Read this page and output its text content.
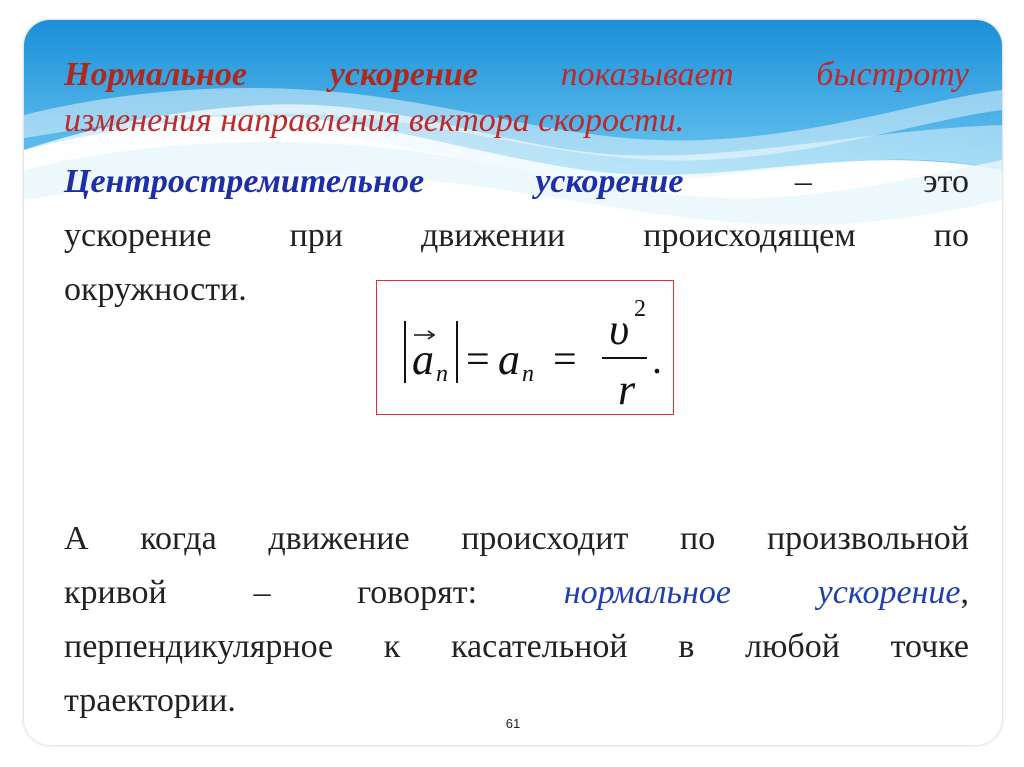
Нормальное ускорение показывает быстроту
изменения направления вектора скорости.
Центростремительное ускорение	–	это
ускорение при движении происходящем по
окружности.
a n = a n =
υ 2
r
.
А когда движение происходит по произвольной
кривой – говорят:	нормальное ускорение,
перпендикулярное к касательной в любой точке
траектории.
61
